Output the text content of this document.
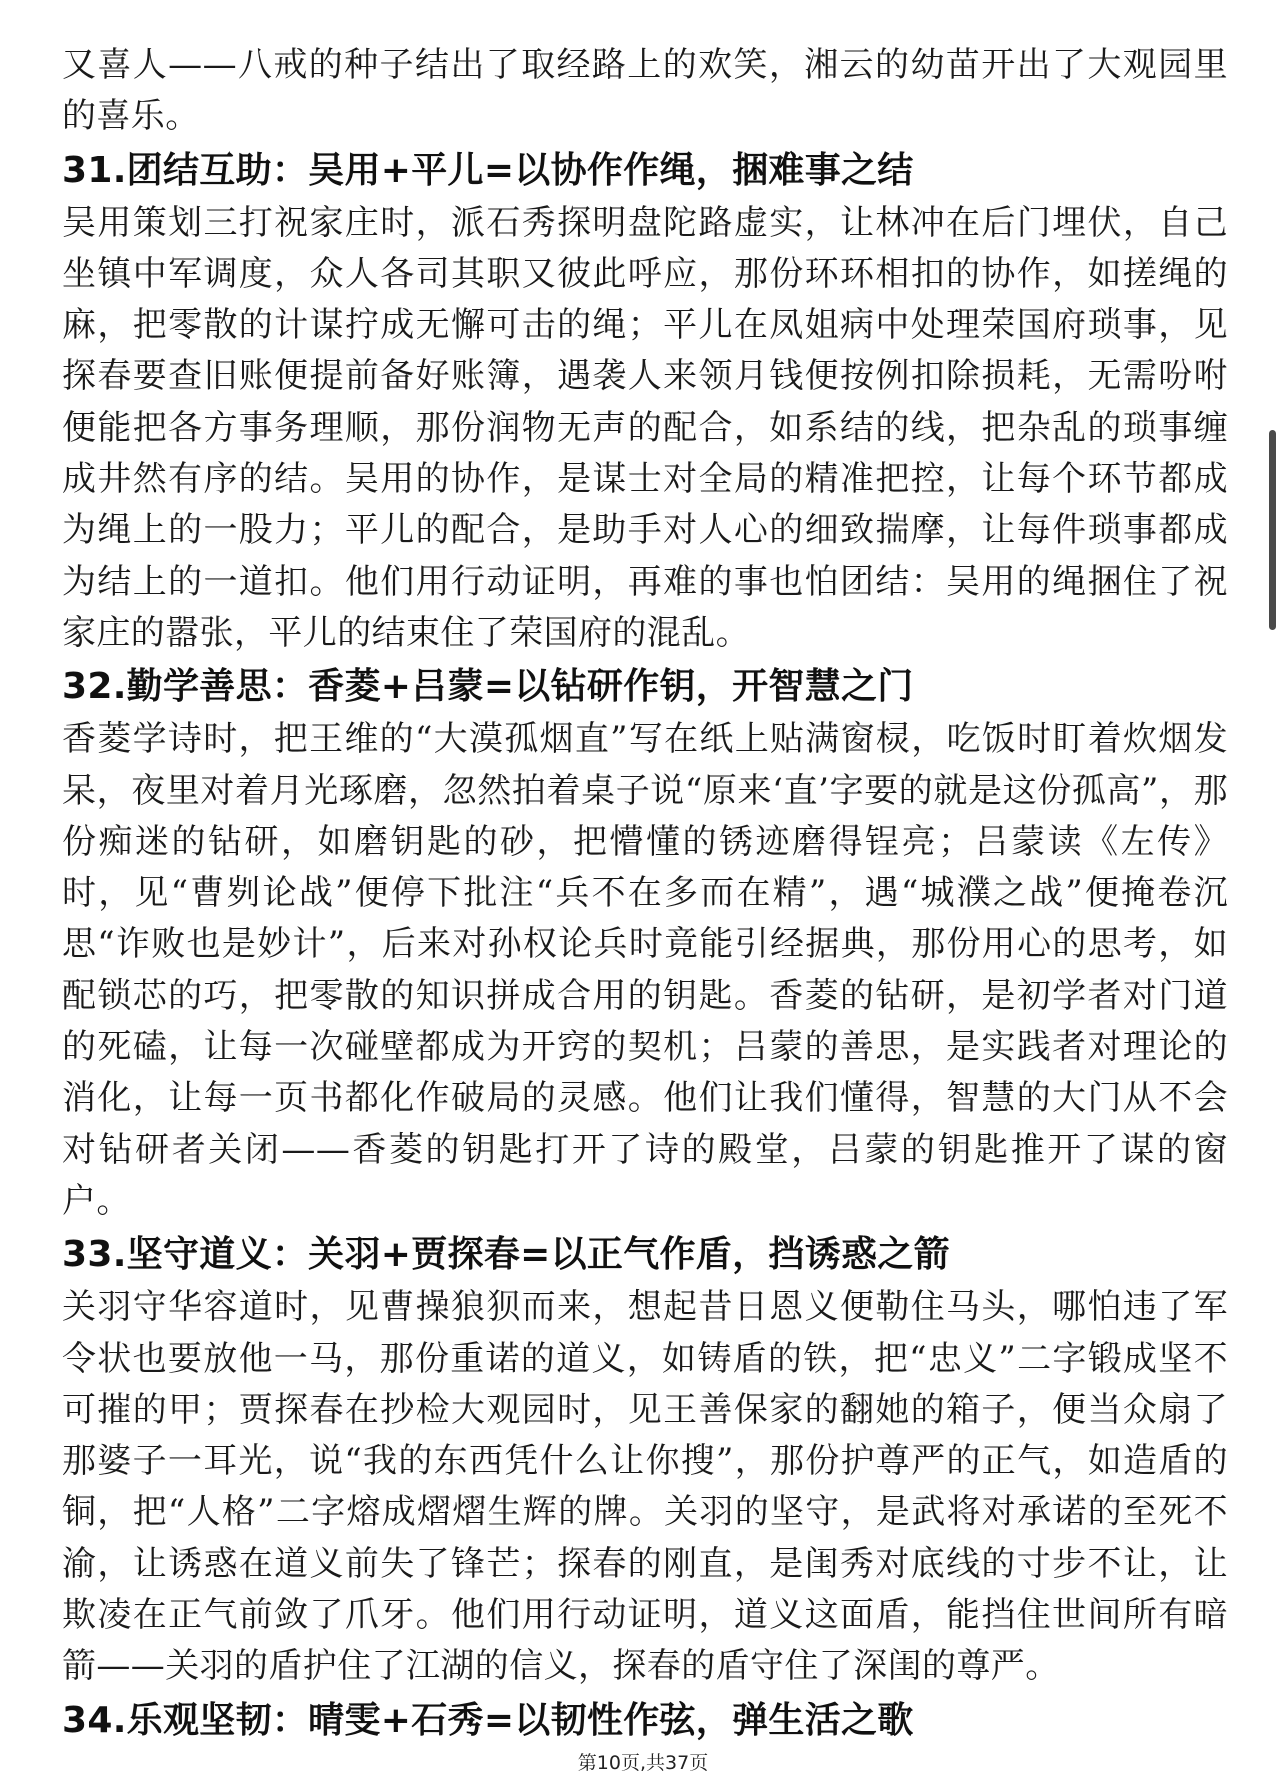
又喜人——八戒的种子结出了取经路上的欢笑，湘云的幼苗开出了大观园里的喜乐。

31.团结互助：吴用+平儿=以协作作绳，捆难事之结

吴用策划三打祝家庄时，派石秀探明盘陀路虚实，让林冲在后门埋伏，自己坐镇中军调度，众人各司其职又彼此呼应，那份环环相扣的协作，如搓绳的麻，把零散的计谋拧成无懈可击的绳；平儿在凤姐病中处理荣国府琐事，见探春要查旧账便提前备好账簿，遇袭人来领月钱便按例扣除损耗，无需吩咐便能把各方事务理顺，那份润物无声的配合，如系结的线，把杂乱的琐事缠成井然有序的结。吴用的协作，是谋士对全局的精准把控，让每个环节都成为绳上的一股力；平儿的配合，是助手对人心的细致揣摩，让每件琐事都成为结上的一道扣。他们用行动证明，再难的事也怕团结：吴用的绳捆住了祝家庄的嚣张，平儿的结束住了荣国府的混乱。

32.勤学善思：香菱+吕蒙=以钻研作钥，开智慧之门

香菱学诗时，把王维的“大漠孤烟直”写在纸上贴满窗棂，吃饭时盯着炊烟发呆，夜里对着月光琢磨，忽然拍着桌子说“原来‘直’字要的就是这份孤高”，那份痴迷的钻研，如磨钥匙的砂，把懵懂的锈迹磨得锃亮；吕蒙读《左传》时，见“曹刿论战”便停下批注“兵不在多而在精”，遇“城濮之战”便掩卷沉思“诈败也是妙计”，后来对孙权论兵时竟能引经据典，那份用心的思考，如配锁芯的巧，把零散的知识拼成合用的钥匙。香菱的钻研，是初学者对门道的死磕，让每一次碰壁都成为开窍的契机；吕蒙的善思，是实践者对理论的消化，让每一页书都化作破局的灵感。他们让我们懂得，智慧的大门从不会对钻研者关闭——香菱的钥匙打开了诗的殿堂，吕蒙的钥匙推开了谋的窗户。

33.坚守道义：关羽+贾探春=以正气作盾，挡诱惑之箭

关羽守华容道时，见曹操狼狈而来，想起昔日恩义便勒住马头，哪怕违了军令状也要放他一马，那份重诺的道义，如铸盾的铁，把“忠义”二字锻成坚不可摧的甲；贾探春在抄检大观园时，见王善保家的翻她的箱子，便当众扇了那婆子一耳光，说“我的东西凭什么让你搜”，那份护尊严的正气，如造盾的铜，把“人格”二字熔成熠熠生辉的牌。关羽的坚守，是武将对承诺的至死不渝，让诱惑在道义前失了锋芒；探春的刚直，是闺秀对底线的寸步不让，让欺凌在正气前敛了爪牙。他们用行动证明，道义这面盾，能挡住世间所有暗箭——关羽的盾护住了江湖的信义，探春的盾守住了深闺的尊严。

34.乐观坚韧：晴雯+石秀=以韧性作弦，弹生活之歌
第10页,共37页
